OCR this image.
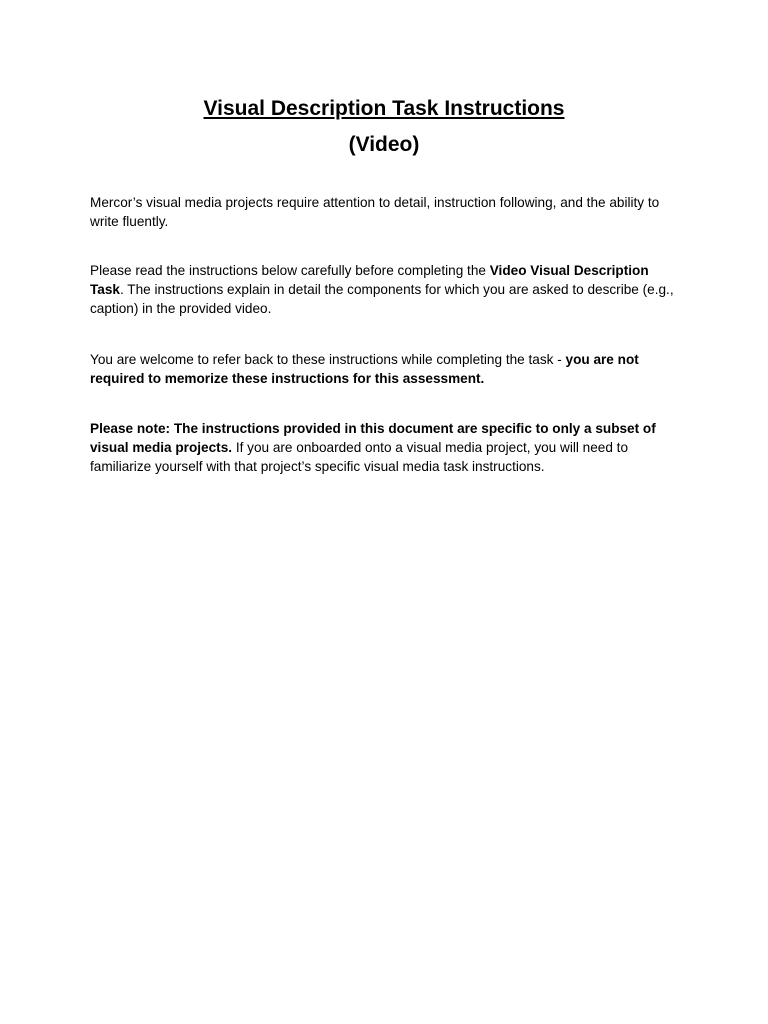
Visual Description Task Instructions
(Video)

Mercor’s visual media projects require attention to detail, instruction following, and the ability to write fluently.

Please read the instructions below carefully before completing the Video Visual Description Task. The instructions explain in detail the components for which you are asked to describe (e.g., caption) in the provided video.

You are welcome to refer back to these instructions while completing the task - you are not required to memorize these instructions for this assessment.

Please note: The instructions provided in this document are specific to only a subset of visual media projects. If you are onboarded onto a visual media project, you will need to familiarize yourself with that project’s specific visual media task instructions.
